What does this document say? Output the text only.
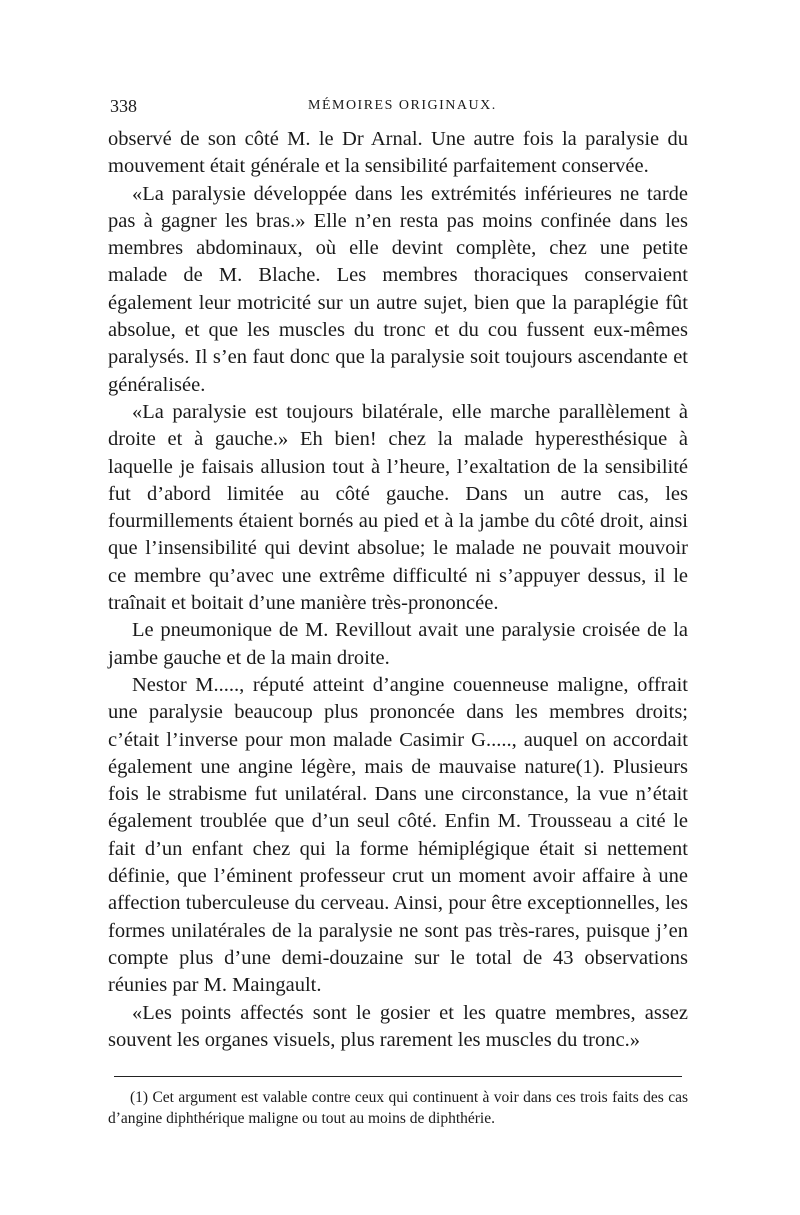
338	MÉMOIRES ORIGINAUX.

observé de son côté M. le Dr Arnal. Une autre fois la paralysie du mouvement était générale et la sensibilité parfaitement conservée.

«La paralysie développée dans les extrémités inférieures ne tarde pas à gagner les bras.» Elle n’en resta pas moins confinée dans les membres abdominaux, où elle devint complète, chez une petite malade de M. Blache. Les membres thoraciques conservaient également leur motricité sur un autre sujet, bien que la paraplégie fût absolue, et que les muscles du tronc et du cou fussent eux-mêmes paralysés. Il s’en faut donc que la paralysie soit toujours ascendante et généralisée.

«La paralysie est toujours bilatérale, elle marche parallèlement à droite et à gauche.» Eh bien! chez la malade hyperesthésique à laquelle je faisais allusion tout à l’heure, l’exaltation de la sensibilité fut d’abord limitée au côté gauche. Dans un autre cas, les fourmillements étaient bornés au pied et à la jambe du côté droit, ainsi que l’insensibilité qui devint absolue; le malade ne pouvait mouvoir ce membre qu’avec une extrême difficulté ni s’appuyer dessus, il le traînait et boitait d’une manière très-prononcée.

Le pneumonique de M. Revillout avait une paralysie croisée de la jambe gauche et de la main droite.

Nestor M....., réputé atteint d’angine couenneuse maligne, offrait une paralysie beaucoup plus prononcée dans les membres droits; c’était l’inverse pour mon malade Casimir G....., auquel on accordait également une angine légère, mais de mauvaise nature(1). Plusieurs fois le strabisme fut unilatéral. Dans une circonstance, la vue n’était également troublée que d’un seul côté. Enfin M. Trousseau a cité le fait d’un enfant chez qui la forme hémiplégique était si nettement définie, que l’éminent professeur crut un moment avoir affaire à une affection tuberculeuse du cerveau. Ainsi, pour être exceptionnelles, les formes unilatérales de la paralysie ne sont pas très-rares, puisque j’en compte plus d’une demi-douzaine sur le total de 43 observations réunies par M. Maingault.

«Les points affectés sont le gosier et les quatre membres, assez souvent les organes visuels, plus rarement les muscles du tronc.»

(1) Cet argument est valable contre ceux qui continuent à voir dans ces trois faits des cas d’angine diphthérique maligne ou tout au moins de diphthérie.
